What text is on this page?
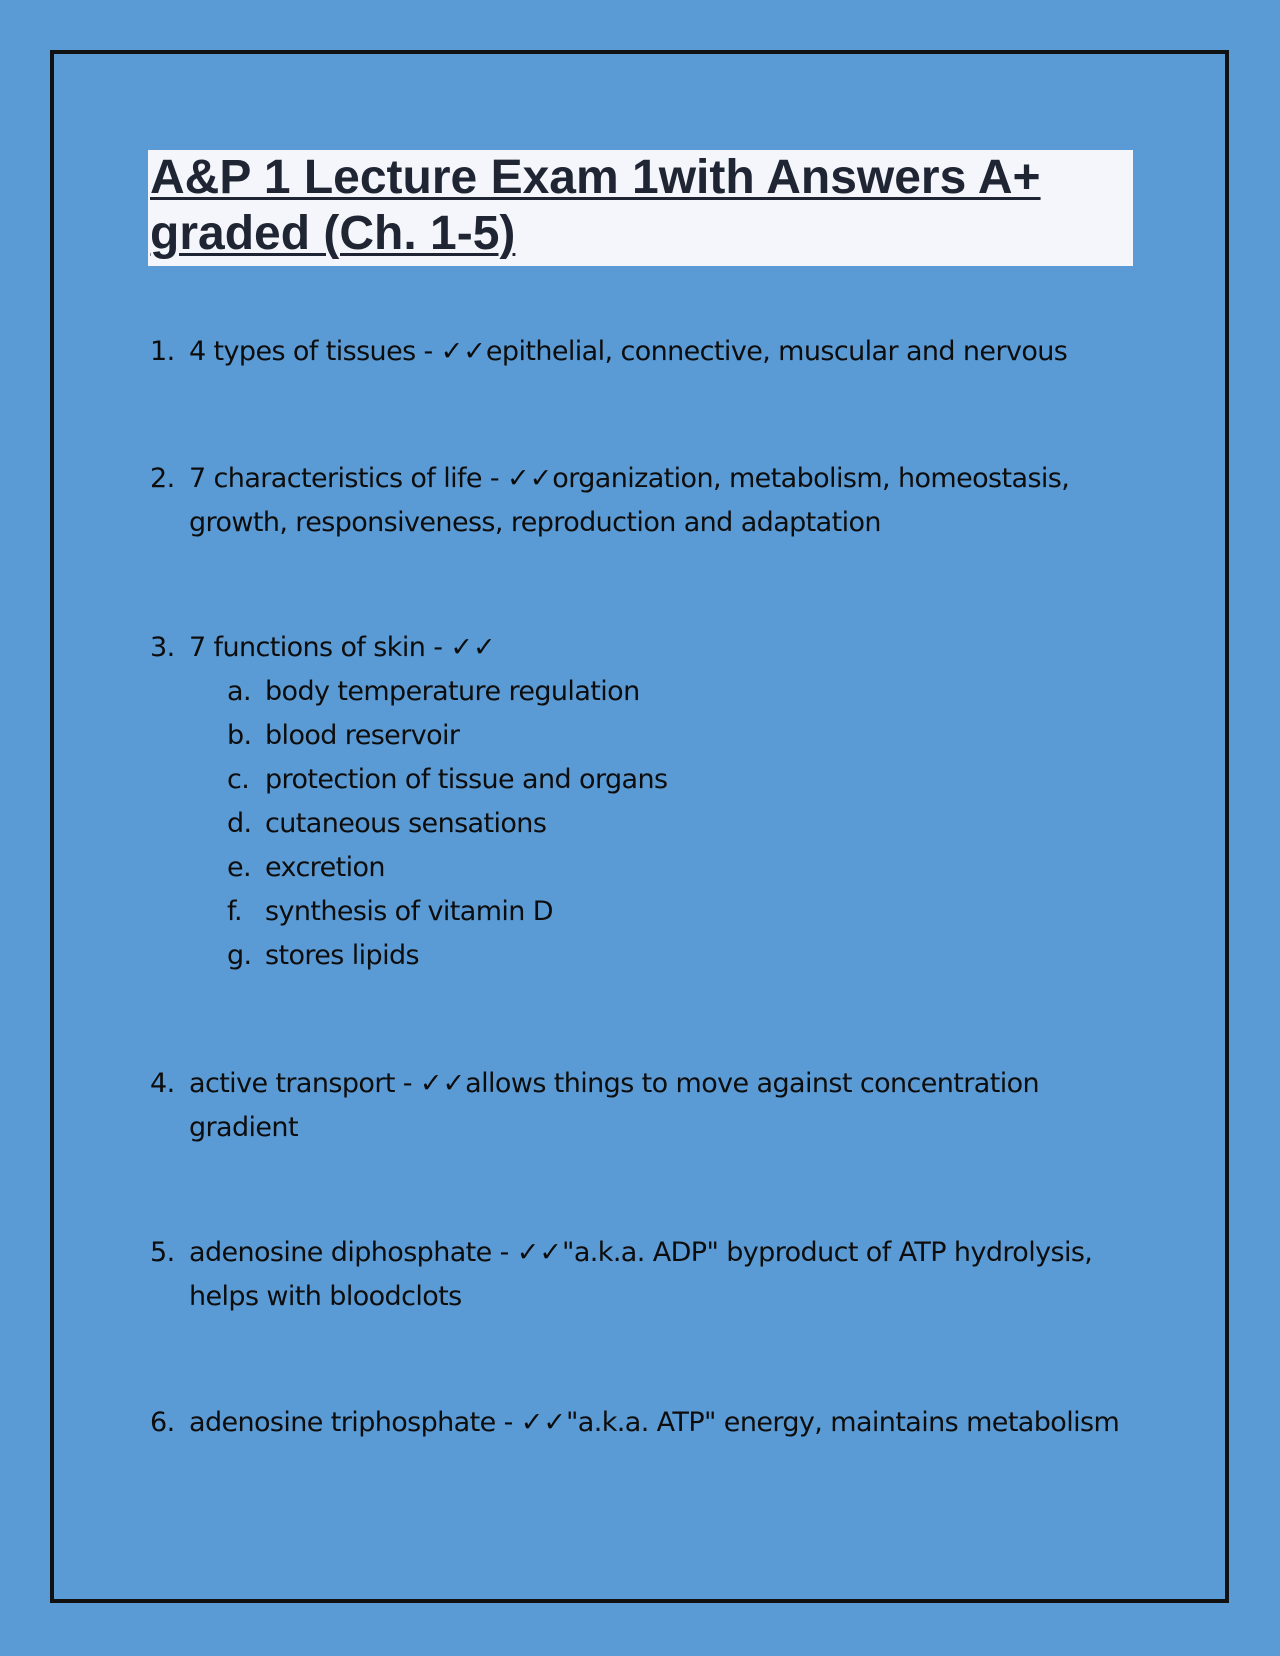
A&P 1 Lecture Exam 1with Answers A+ graded (Ch. 1-5)
1. 4 types of tissues - ✓✓epithelial, connective, muscular and nervous
2. 7 characteristics of life - ✓✓organization, metabolism, homeostasis, growth, responsiveness, reproduction and adaptation
3. 7 functions of skin - ✓✓
a. body temperature regulation
b. blood reservoir
c. protection of tissue and organs
d. cutaneous sensations
e. excretion
f. synthesis of vitamin D
g. stores lipids
4. active transport - ✓✓allows things to move against concentration gradient
5. adenosine diphosphate - ✓✓"a.k.a. ADP" byproduct of ATP hydrolysis, helps with bloodclots
6. adenosine triphosphate - ✓✓"a.k.a. ATP" energy, maintains metabolism
